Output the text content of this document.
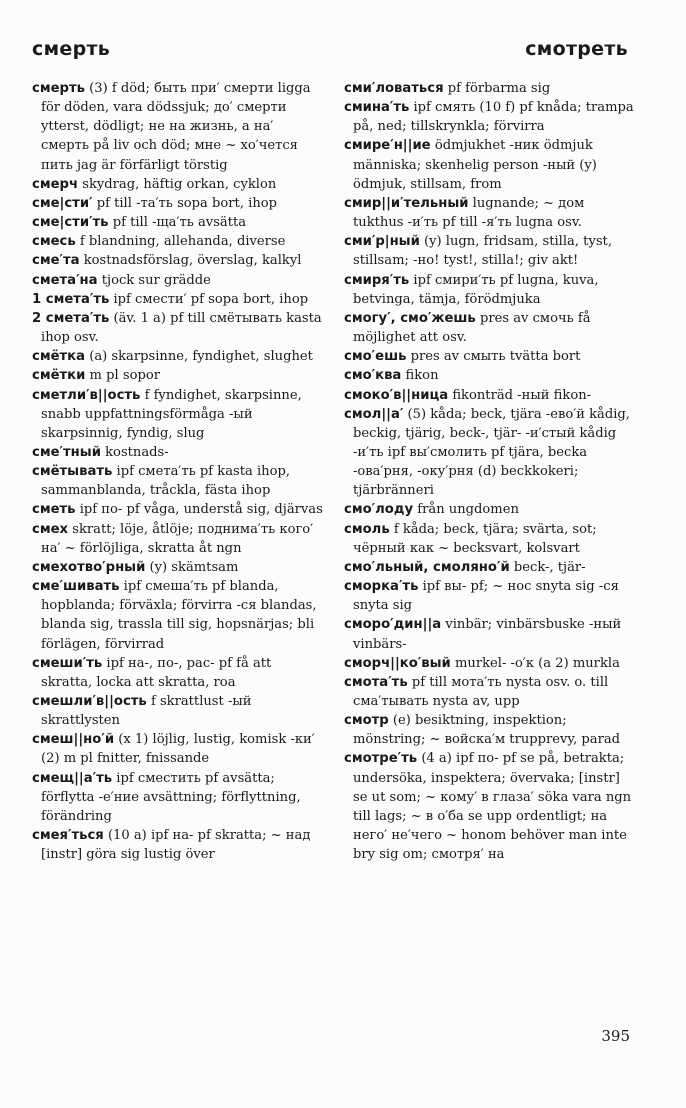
смерть	смотреть

смерть (3) f död; быть при′ смерти ligga för döden, vara dödssjuk; до′ смерти ytterst, dödligt; не на жизнь, а на′ смерть på liv och död; мне ~ хо′чется пить jag är förfärligt törstig

смерч skydrag, häftig orkan, cyklon

сме|сти′ pf till -та′ть sopa bort, ihop

сме|сти′ть pf till -ща′ть avsätta

смесь f blandning, allehanda, diverse

сме′та kostnadsförslag, överslag, kalkyl

смета′на tjock sur grädde

1 смета′ть ipf смести′ pf sopa bort, ihop

2 смета′ть (äv. 1 a) pf till смётывать kasta ihop osv.

смётка (a) skarpsinne, fyndighet, slughet

смётки m pl sopor

сметли′в||ость f fyndighet, skarpsinne, snabb uppfattningsförmåga -ый skarpsinnig, fyndig, slug

сме′тный kostnads-

смётывать ipf смета′ть pf kasta ihop, sammanblanda, tråckla, fästa ihop

сметь ipf по- pf våga, understå sig, djärvas

смех skratt; löje, åtlöje; поднима′ть кого′ на′ ~ förlöjliga, skratta åt ngn

смехотво′рный (y) skämtsam

сме′шивать ipf смеша′ть pf blanda, hopblanda; förväxla; förvirra -ся blandas, blanda sig, trassla till sig, hopsnärjas; bli förlägen, förvirrad

смеши′ть ipf на-, по-, рас- pf få att skratta, locka att skratta, roa

смешли′в||ость f skrattlust -ый skrattlysten

смеш||но′й (x 1) löjlig, lustig, komisk -ки′ (2) m pl fnitter, fnissande

смещ||а′ть ipf сместить pf avsätta; förflytta -е′ние avsättning; förflyttning, förändring

смея′ться (10 a) ipf на- pf skratta; ~ над [instr] göra sig lustig över

сми′ловаться pf förbarma sig

смина′ть ipf смять (10 f) pf knåda; trampa på, ned; tillskrynkla; förvirra

смире′н||ие ödmjukhet -ник ödmjuk människa; skenhelig person -ный (y) ödmjuk, stillsam, from

смир||и′тельный lugnande; ~ дом tukthus -и′ть pf till -я′ть lugna osv.

сми′р|ный (y) lugn, fridsam, stilla, tyst, stillsam; -но! tyst!, stilla!; giv akt!

смиря′ть ipf смири′ть pf lugna, kuva, betvinga, tämja, förödmjuka

смогу′, смо′жешь pres av смочь få möjlighet att osv.

смо′ешь pres av смыть tvätta bort

смо′ква fikon

смоко′в||ница fikonträd -ный fikon-

смол||а′ (5) kåda; beck, tjära -ево′й kådig, beckig, tjärig, beck-, tjär- -и′стый kådig -и′ть ipf вы′смолить pf tjära, becka -ова′рня, -оку′рня (d) beckkokeri; tjärbränneri

смо′лоду från ungdomen

смоль f kåda; beck, tjära; svärta, sot; чёрный как ~ becksvart, kolsvart

смо′льный, смоляно′й beck-, tjär-

сморка′ть ipf вы- pf; ~ нос snyta sig -ся snyta sig

сморо′дин||а vinbär; vinbärsbuske -ный vinbärs-

сморч||ко′вый murkel- -о′к (a 2) murkla

смота′ть pf till мота′ть nysta osv. o. till сма′тывать nysta av, upp

смотр (e) besiktning, inspektion; mönstring; ~ войска′м trupprevy, parad

смотре′ть (4 a) ipf по- pf se på, betrakta; undersöka, inspektera; övervaka; [instr] se ut som; ~ кому′ в глаза′ söka vara ngn till lags; ~ в о′ба se upp ordentligt; на него′ не′чего ~ honom behöver man inte bry sig om; смотря′ на

395
